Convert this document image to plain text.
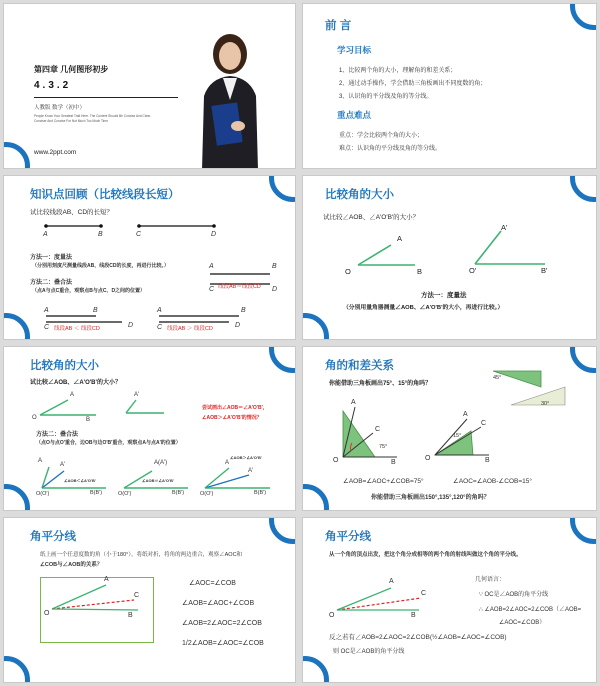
第四章 几何图形初步
4.3.2
人教版 数学（初中）
People Know Your Greatest Trait Here. The Content Should Be Concise And Clear.
Conciser And Concise For Not Much Too Much Time
www.2ppt.com
前 言
学习目标
1、比较两个角的大小，理解角的和差关系；
2、通过动手操作，学会借助三角板画出不同度数的角；
3、认识角的平分线及角的等分线。
重点难点
重点：学会比较两个角的大小；
难点：认识角的平分线及角的等分线。
知识点回顾（比较线段长短）
试比较线段AB、CD的长短？
A	B	C	D
方法一：度量法
（分别用刻度尺测量线段AB、线段CD的长度，再进行比较。）
方法二：叠合法
（点A与点C重合，观察点B与点C、D之间的位置）
A	B
C	D
线段AB＝线段CD
A	B
C	D
线段AB ＜ 线段CD
A	B
C	D
线段AB ＞ 线段CD
比较角的大小
试比较∠AOB、∠A'O'B'的大小？
O
A
B	O'
A'
B'
方法一：度量法
（分别用量角器测量∠AOB、∠A'O'B'的大小，再进行比较。）
比较角的大小
试比较∠AOB、∠A'O'B'的大小？
O
A
B
A'
尝试画出∠AOB＝∠A'O'B'，
∠AOB＞∠A'O'B'的情况？
方法二：叠合法
（点O与点O'重合，边OB与边O'B'重合，观察点A与点A'的位置）
A
A'
∠AOB＜∠A'O'B'
O(O')	B(B')
A(A')
∠AOB＝∠A'O'B'
O(O')	B(B')
∠AOB＞∠A'O'B'
A
A'
O(O')	B(B')
角的和差关系
你能借助三角板画出75°、15°的角吗？
45°
30°
O
A
C
B
75°
O
A
C
B
15°
∠AOB=∠AOC+∠COB=75°	∠AOC=∠AOB-∠COB=15°
你能借助三角板画出150°,135°,120°的角吗？
角平分线
纸上画一个任意度数的角（小于180°），将纸对折，将角的两边重合，观察∠AOC和
∠COB与∠AOB的关系？
O
A
C
B
∠AOC=∠COB
∠AOB=∠AOC+∠COB
∠AOB=2∠AOC=2∠COB
1/2∠AOB=∠AOC=∠COB
角平分线
从一个角的顶点出发，把这个角分成相等的两个角的射线叫做这个角的平分线。
O
A
C
B
几何语言：
∵ OC是∠AOB的角平分线
∴ ∠AOB=2∠AOC=2∠COB（∠AOB=
∠AOC=∠COB）
反之若有∠AOB=2∠AOC=2∠COB(½∠AOB=∠AOC=∠COB)
则 OC是∠AOB的角平分线
